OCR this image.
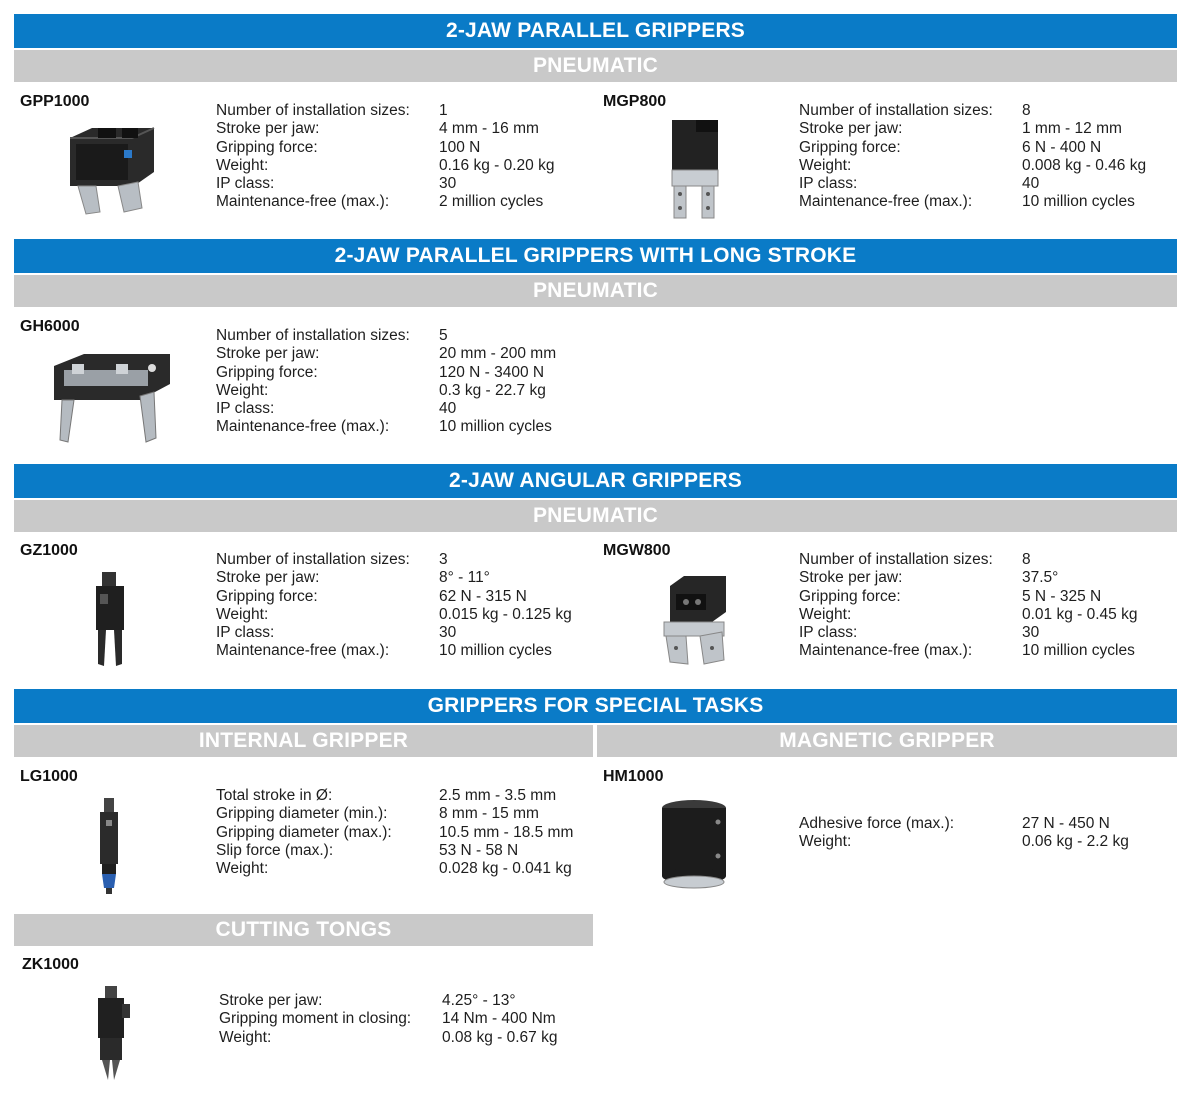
2-JAW PARALLEL GRIPPERS
PNEUMATIC
GPP1000
Number of installation sizes:	1
Stroke per jaw:	4 mm - 16 mm
Gripping force:	100 N
Weight:	0.16 kg - 0.20 kg
IP class:	30
Maintenance-free (max.):	2 million cycles
MGP800
Number of installation sizes:	8
Stroke per jaw:	1 mm - 12 mm
Gripping force:	6 N - 400 N
Weight:	0.008 kg - 0.46 kg
IP class:	40
Maintenance-free (max.):	10 million cycles
2-JAW PARALLEL GRIPPERS WITH LONG STROKE
PNEUMATIC
GH6000
Number of installation sizes:	5
Stroke per jaw:	20 mm - 200 mm
Gripping force:	120 N - 3400 N
Weight:	0.3 kg - 22.7 kg
IP class:	40
Maintenance-free (max.):	10 million cycles
2-JAW ANGULAR GRIPPERS
PNEUMATIC
GZ1000
Number of installation sizes:	3
Stroke per jaw:	8° - 11°
Gripping force:	62 N - 315 N
Weight:	0.015 kg - 0.125 kg
IP class:	30
Maintenance-free (max.):	10 million cycles
MGW800
Number of installation sizes:	8
Stroke per jaw:	37.5°
Gripping force:	5 N - 325 N
Weight:	0.01 kg - 0.45 kg
IP class:	30
Maintenance-free (max.):	10 million cycles
GRIPPERS FOR SPECIAL TASKS
INTERNAL GRIPPER	MAGNETIC GRIPPER
LG1000
Total stroke in Ø:	2.5 mm - 3.5 mm
Gripping diameter (min.):	8 mm - 15 mm
Gripping diameter (max.):	10.5 mm - 18.5 mm
Slip force (max.):	53 N - 58 N
Weight:	0.028 kg - 0.041 kg
HM1000
Adhesive force (max.):	27 N - 450 N
Weight:	0.06 kg - 2.2 kg
CUTTING TONGS
ZK1000
Stroke per jaw:	4.25° - 13°
Gripping moment in closing:	14 Nm - 400 Nm
Weight:	0.08 kg - 0.67 kg
